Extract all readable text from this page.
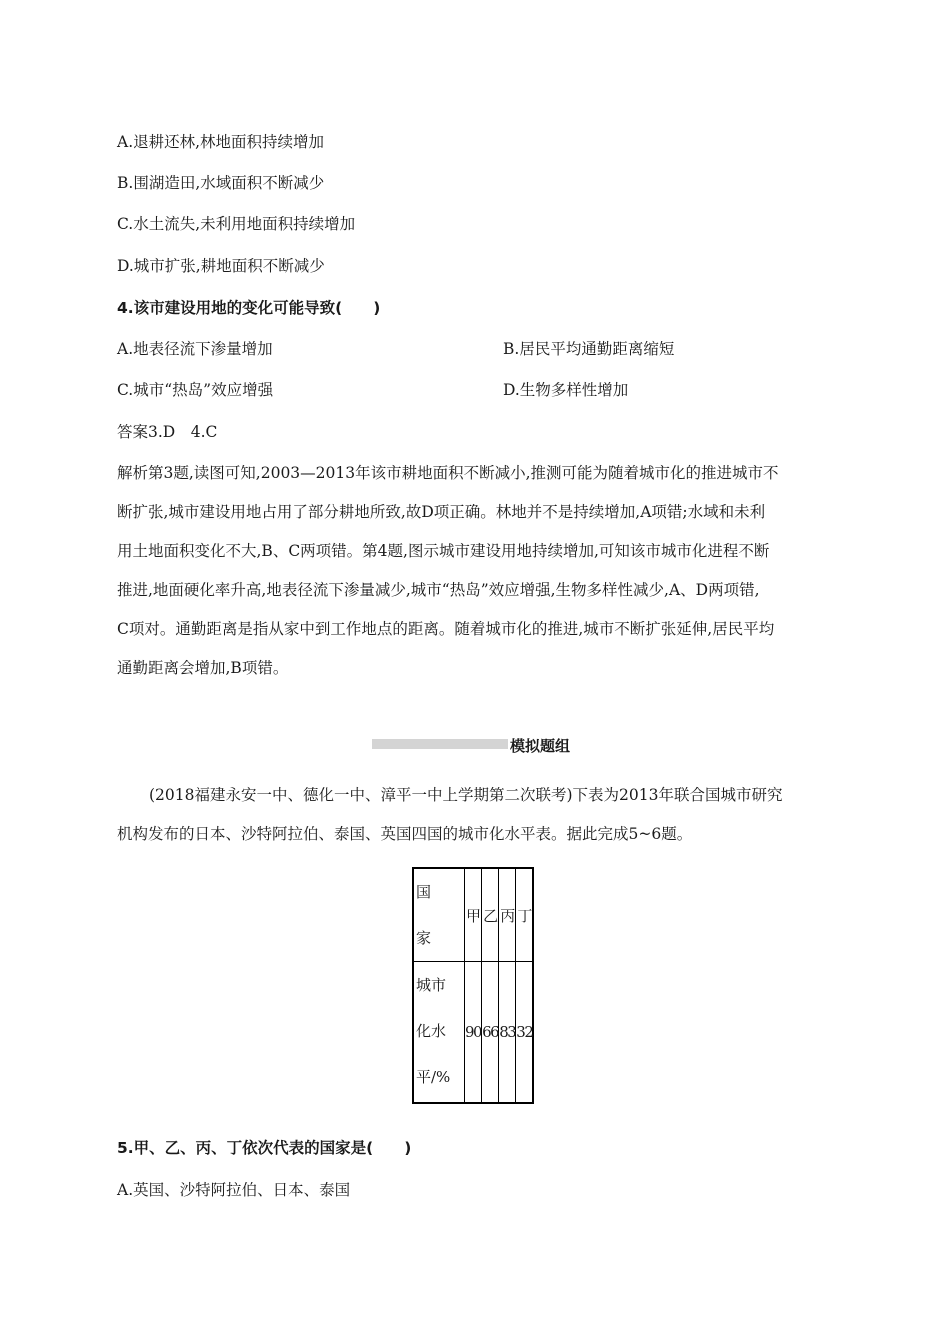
A.退耕还林,林地面积持续增加
B.围湖造田,水域面积不断减少
C.水土流失,未利用地面积持续增加
D.城市扩张,耕地面积不断减少
4.该市建设用地的变化可能导致(　　)
A.地表径流下渗量增加	B.居民平均通勤距离缩短
C.城市“热岛”效应增强	D.生物多样性增加
答案3.D　4.C
解析第3题,读图可知,2003—2013年该市耕地面积不断减小,推测可能为随着城市化的推进城市不
断扩张,城市建设用地占用了部分耕地所致,故D项正确。林地并不是持续增加,A项错;水域和未利
用土地面积变化不大,B、C两项错。第4题,图示城市建设用地持续增加,可知该市城市化进程不断
推进,地面硬化率升高,地表径流下渗量减少,城市“热岛”效应增强,生物多样性减少,A、D两项错,
C项对。通勤距离是指从家中到工作地点的距离。随着城市化的推进,城市不断扩张延伸,居民平均
通勤距离会增加,B项错。
模拟题组
(2018福建永安一中、德化一中、漳平一中上学期第二次联考)下表为2013年联合国城市研究
机构发布的日本、沙特阿拉伯、泰国、英国四国的城市化水平表。据此完成5~6题。
国
家	甲	乙	丙	丁

城市
化水
平/%	90	66	83	32
5.甲、乙、丙、丁依次代表的国家是(　　)
A.英国、沙特阿拉伯、日本、泰国
